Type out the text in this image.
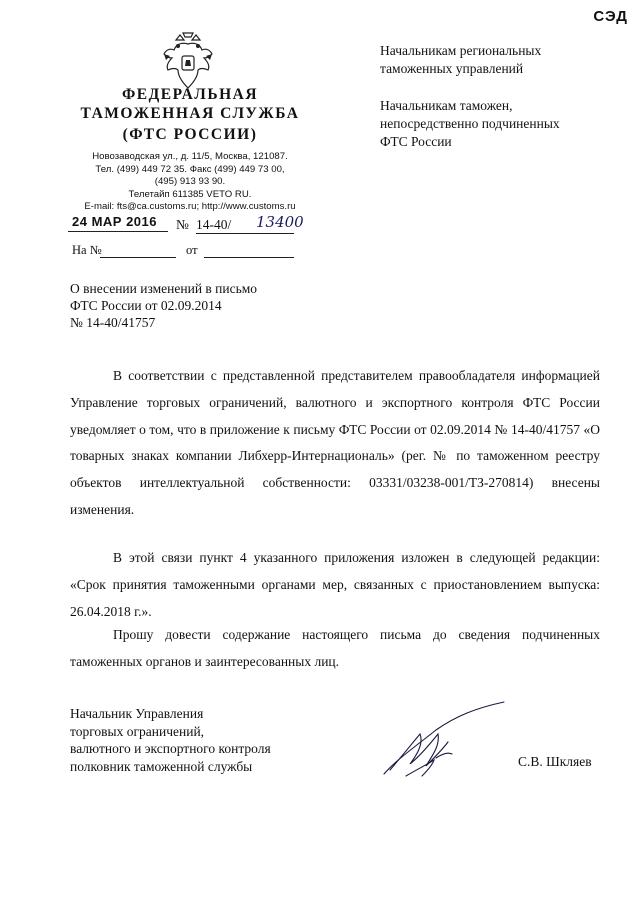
СЭД
ФЕДЕРАЛЬНАЯ
ТАМОЖЕННАЯ СЛУЖБА
(ФТС РОССИИ)
Новозаводская ул., д. 11/5, Москва, 121087.
Тел. (499) 449 72 35. Факс (499) 449 73 00,
(495) 913 93 90.
Телетайп 611385 VETO RU.
E-mail: fts@ca.customs.ru; http://www.customs.ru
24 МАР 2016 № 14-40/ 13400
На №	от
Начальникам региональных
таможенных управлений
Начальникам таможен,
непосредственно подчиненных
ФТС России
О внесении изменений в письмо
ФТС России от 02.09.2014
№ 14-40/41757

В соответствии с представленной представителем правообладателя информацией Управление торговых ограничений, валютного и экспортного контроля ФТС России уведомляет о том, что в приложение к письму ФТС России от 02.09.2014 № 14-40/41757 «О товарных знаках компании Либхерр-Интернациональ» (рег. № по таможенном реестру объектов интеллектуальной собственности: 03331/03238-001/ТЗ-270814) внесены изменения.

В этой связи пункт 4 указанного приложения изложен в следующей редакции: «Срок принятия таможенными органами мер, связанных с приостановлением выпуска: 26.04.2018 г.».

Прошу довести содержание настоящего письма до сведения подчиненных таможенных органов и заинтересованных лиц.

Начальник Управления
торговых ограничений,
валютного и экспортного контроля
полковник таможенной службы	С.В. Шкляев
